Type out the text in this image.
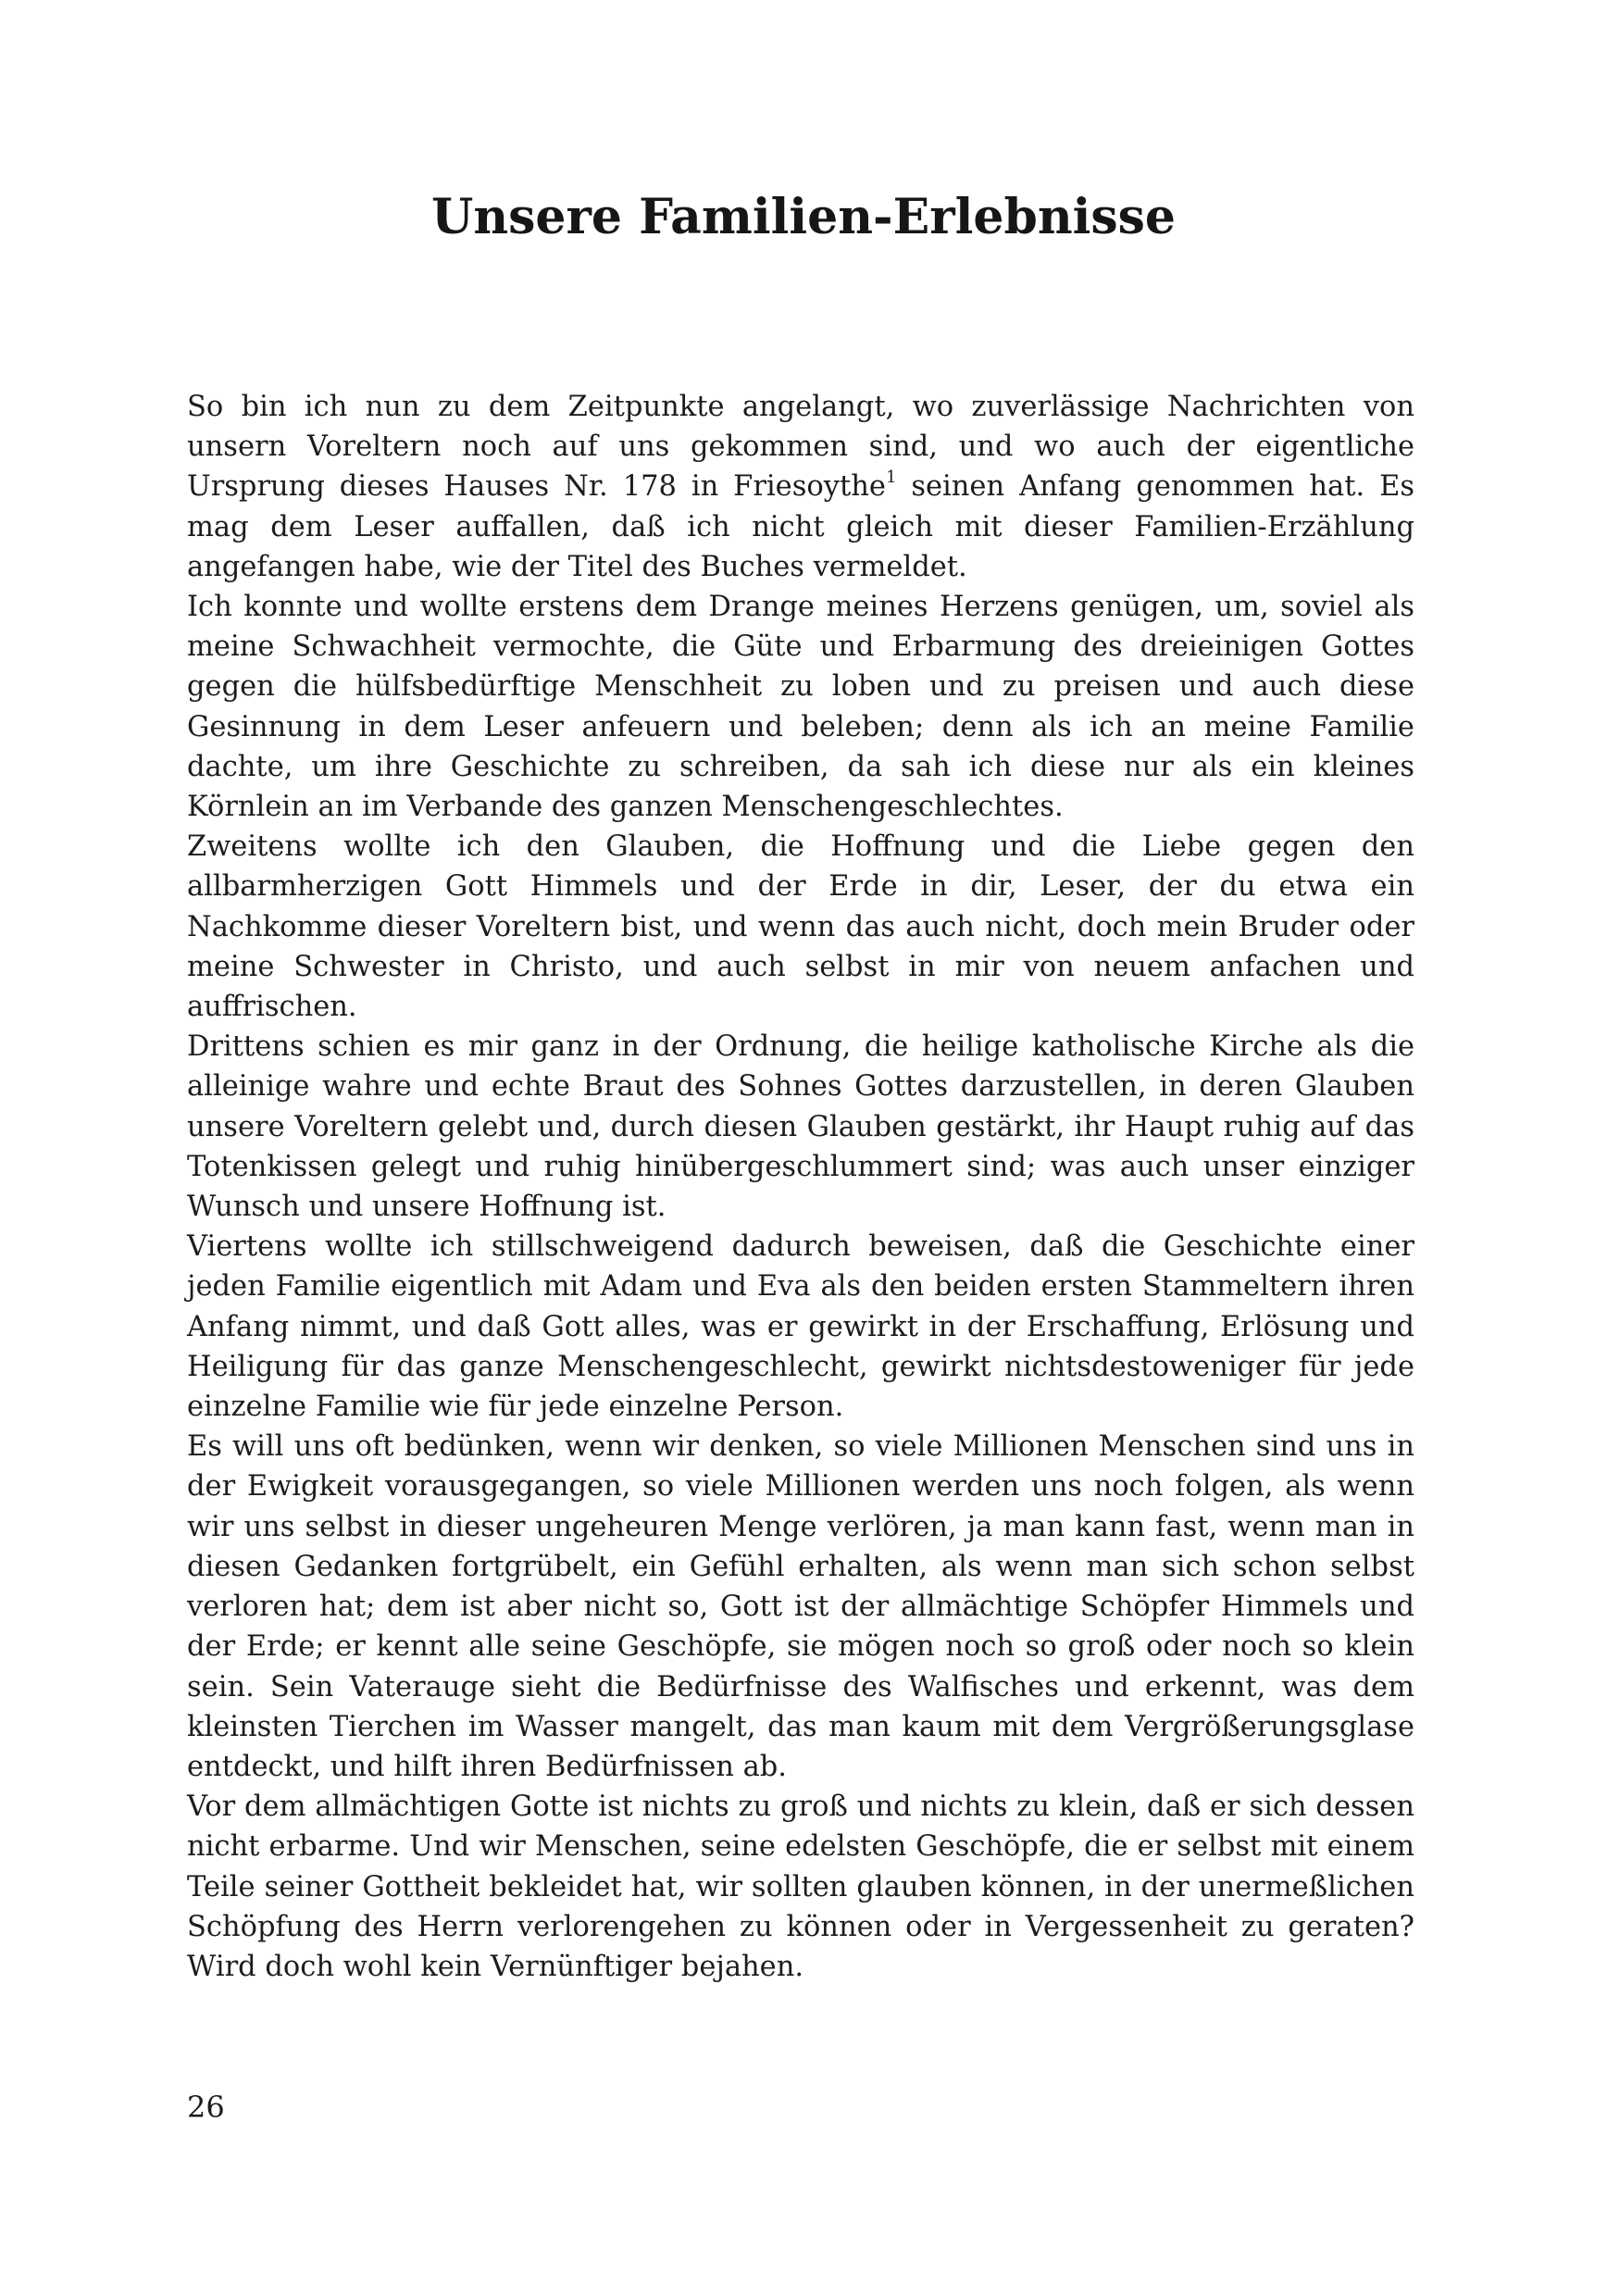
Unsere Familien-Erlebnisse

So bin ich nun zu dem Zeitpunkte angelangt, wo zuverlässige Nachrichten von unsern Voreltern noch auf uns gekommen sind, und wo auch der eigentliche Ursprung dieses Hauses Nr. 178 in Friesoythe$^1$ seinen Anfang genommen hat. Es mag dem Leser auffallen, daß ich nicht gleich mit dieser Familien-Erzählung angefangen habe, wie der Titel des Buches vermeldet.

Ich konnte und wollte erstens dem Drange meines Herzens genügen, um, soviel als meine Schwachheit vermochte, die Güte und Erbarmung des dreieinigen Gottes gegen die hülfsbedürftige Menschheit zu loben und zu preisen und auch diese Gesinnung in dem Leser anfeuern und beleben; denn als ich an meine Familie dachte, um ihre Geschichte zu schreiben, da sah ich diese nur als ein kleines Körnlein an im Verbande des ganzen Menschengeschlechtes.

Zweitens wollte ich den Glauben, die Hoffnung und die Liebe gegen den allbarmherzigen Gott Himmels und der Erde in dir, Leser, der du etwa ein Nachkomme dieser Voreltern bist, und wenn das auch nicht, doch mein Bruder oder meine Schwester in Christo, und auch selbst in mir von neuem anfachen und auffrischen.

Drittens schien es mir ganz in der Ordnung, die heilige katholische Kirche als die alleinige wahre und echte Braut des Sohnes Gottes darzustellen, in deren Glauben unsere Voreltern gelebt und, durch diesen Glauben gestärkt, ihr Haupt ruhig auf das Totenkissen gelegt und ruhig hinübergeschlummert sind; was auch unser einziger Wunsch und unsere Hoffnung ist.

Viertens wollte ich stillschweigend dadurch beweisen, daß die Geschichte einer jeden Familie eigentlich mit Adam und Eva als den beiden ersten Stammeltern ihren Anfang nimmt, und daß Gott alles, was er gewirkt in der Erschaffung, Erlösung und Heiligung für das ganze Menschengeschlecht, gewirkt nichtsdestoweniger für jede einzelne Familie wie für jede einzelne Person.

Es will uns oft bedünken, wenn wir denken, so viele Millionen Menschen sind uns in der Ewigkeit vorausgegangen, so viele Millionen werden uns noch folgen, als wenn wir uns selbst in dieser ungeheuren Menge verlören, ja man kann fast, wenn man in diesen Gedanken fortgrübelt, ein Gefühl erhalten, als wenn man sich schon selbst verloren hat; dem ist aber nicht so, Gott ist der allmächtige Schöpfer Himmels und der Erde; er kennt alle seine Geschöpfe, sie mögen noch so groß oder noch so klein sein. Sein Vaterauge sieht die Bedürfnisse des Walfisches und erkennt, was dem kleinsten Tierchen im Wasser mangelt, das man kaum mit dem Vergrößerungsglase entdeckt, und hilft ihren Bedürfnissen ab.

Vor dem allmächtigen Gotte ist nichts zu groß und nichts zu klein, daß er sich dessen nicht erbarme. Und wir Menschen, seine edelsten Geschöpfe, die er selbst mit einem Teile seiner Gottheit bekleidet hat, wir sollten glauben können, in der unermeßlichen Schöpfung des Herrn verlorengehen zu können oder in Vergessenheit zu geraten? Wird doch wohl kein Vernünftiger bejahen.

26
